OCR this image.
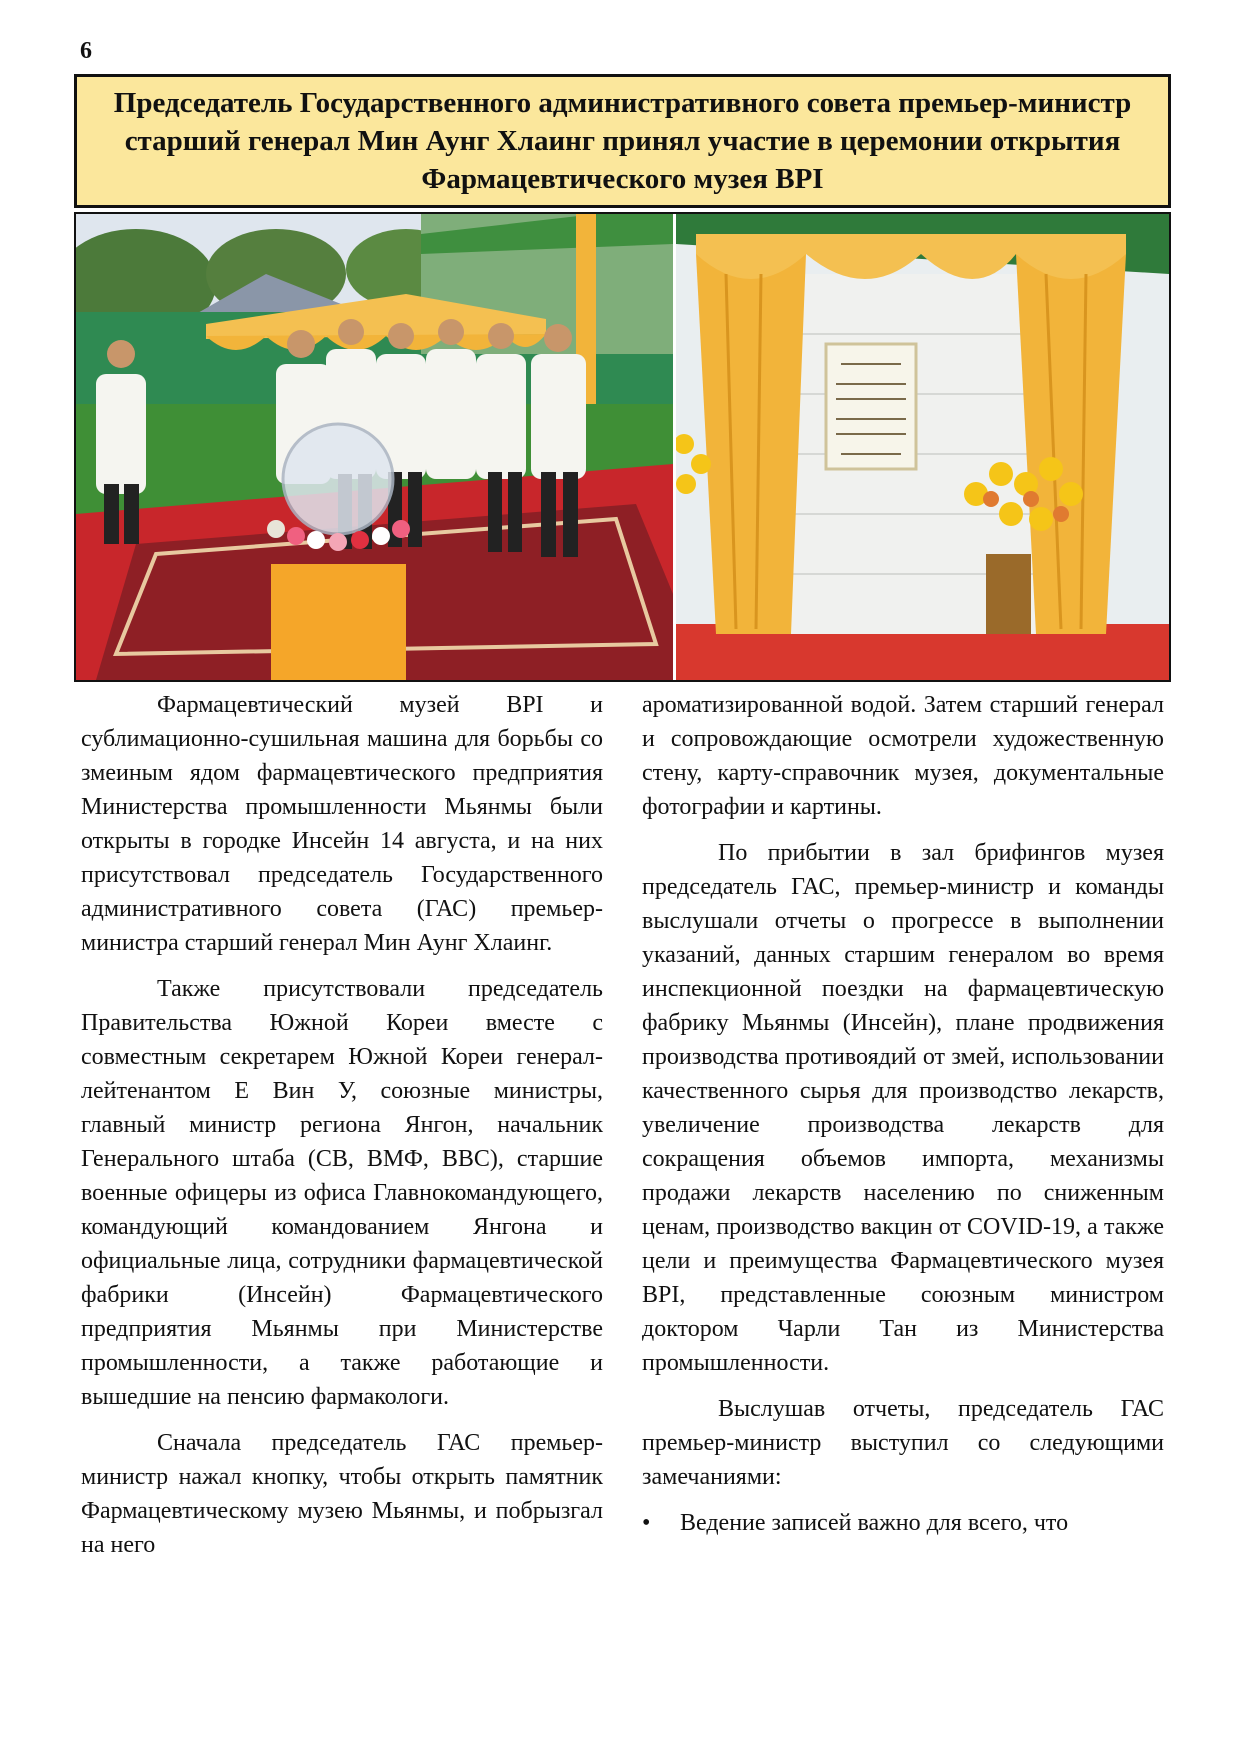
6
Председатель Государственного административного совета премьер-министр старший генерал Мин Аунг Хлаинг принял участие в церемонии открытия Фармацевтического музея BPI

Фармацевтический музей BPI и сублимационно-сушильная машина для борьбы со змеиным ядом фармацевтического предприятия Министерства промышленности Мьянмы были открыты в городке Инсейн 14 августа, и на них присутствовал председатель Государственного административного совета (ГАС) премьер-министра старший генерал Мин Аунг Хлаинг.

Также присутствовали председатель Правительства Южной Кореи вместе с совместным секретарем Южной Кореи генерал-лейтенантом Е Вин У, союзные министры, главный министр региона Янгон, начальник Генерального штаба (СВ, ВМФ, ВВС), старшие военные офицеры из офиса Главнокомандующего, командующий командованием Янгона и официальные лица, сотрудники фармацевтической фабрики (Инсейн) Фармацевтического предприятия Мьянмы при Министерстве промышленности, а также работающие и вышедшие на пенсию фармакологи.

Сначала председатель ГАС премьер-министр нажал кнопку, чтобы открыть памятник Фармацевтическому музею Мьянмы, и побрызгал на него

ароматизированной водой. Затем старший генерал и сопровождающие осмотрели художественную стену, карту-справочник музея, документальные фотографии и картины.

По прибытии в зал брифингов музея председатель ГАС, премьер-министр и команды выслушали отчеты о прогрессе в выполнении указаний, данных старшим генералом во время инспекционной поездки на фармацевтическую фабрику Мьянмы (Инсейн), плане продвижения производства противоядий от змей, использовании качественного сырья для производство лекарств, увеличение производства лекарств для сокращения объемов импорта, механизмы продажи лекарств населению по сниженным ценам, производство вакцин от COVID-19, а также цели и преимущества Фармацевтического музея BPI, представленные союзным министром доктором Чарли Тан из Министерства промышленности.

Выслушав отчеты, председатель ГАС премьер-министр выступил со следующими замечаниями:

• Ведение записей важно для всего, что
